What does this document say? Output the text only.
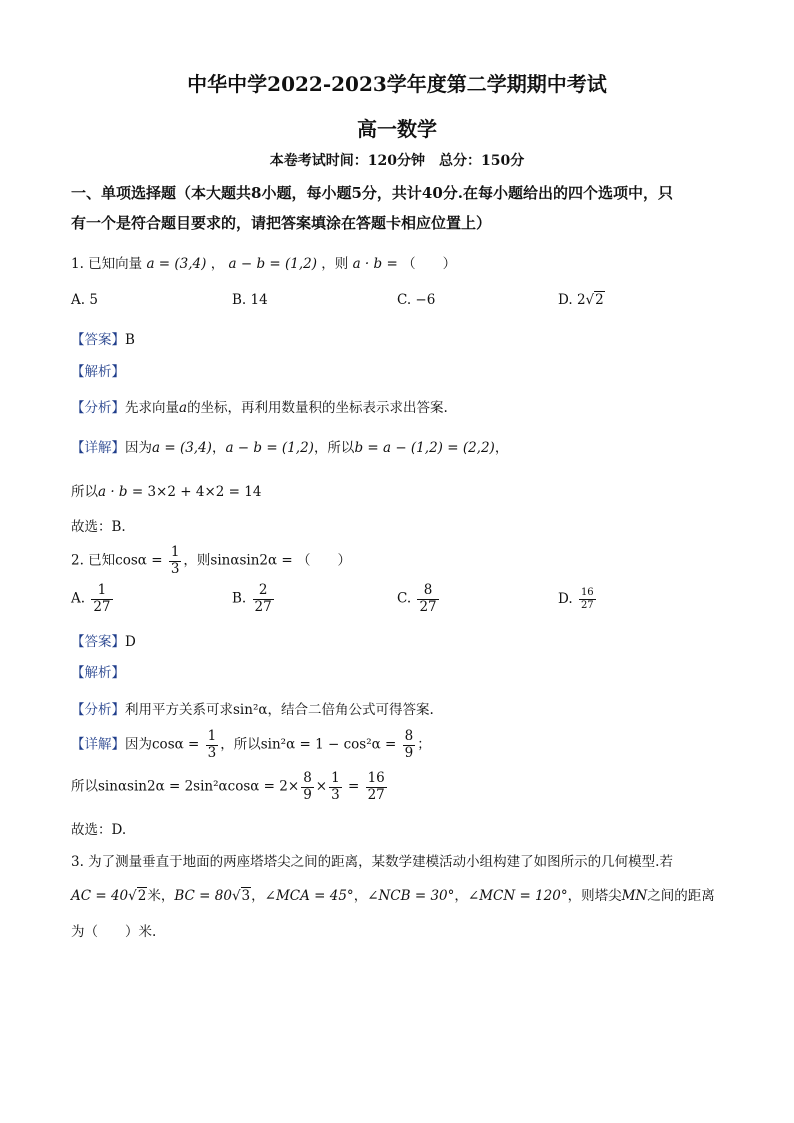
中华中学2022-2023学年度第二学期期中考试
高一数学
本卷考试时间：120分钟　总分：150分
一、单项选择题（本大题共8小题，每小题5分，共计40分.在每小题给出的四个选项中，只
有一个是符合题目要求的，请把答案填涂在答题卡相应位置上）
1. 已知向量 a = (3,4) ， a − b = (1,2) ，则 a · b = （　　）
A. 5	B. 14	C. −6	D. 2√2
【答案】B
【解析】
【分析】先求向量a的坐标，再利用数量积的坐标表示求出答案.
【详解】因为a = (3,4)，a − b = (1,2)，所以b = a − (1,2) = (2,2)，
所以a · b = 3×2 + 4×2 = 14
故选：B.
2. 已知$\cos\alpha = \frac{1}{3}$ ，则sinαsin2α = （　　）
A. $\frac{1}{27}$	B. $\frac{2}{27}$	C. $\frac{8}{27}$	D. $\frac{16}{27}$
【答案】D
【解析】
【分析】利用平方关系可求sin²α，结合二倍角公式可得答案.
【详解】因为$\cos\alpha = \frac{1}{3}$ ，所以$\sin^2\alpha = 1 - \cos^2\alpha = \frac{8}{9}$ ；
所以$\sin\alpha\sin 2\alpha = 2\sin^2\alpha\cos\alpha = 2\times \frac{8}{9} \times \frac{1}{3} = \frac{16}{27}$
故选：D.
3. 为了测量垂直于地面的两座塔塔尖之间的距离，某数学建模活动小组构建了如图所示的几何模型.若
AC = 40√2米，BC = 80√3，∠MCA = 45°，∠NCB = 30°，∠MCN = 120°，则塔尖MN之间的距离
为（　　）米.
